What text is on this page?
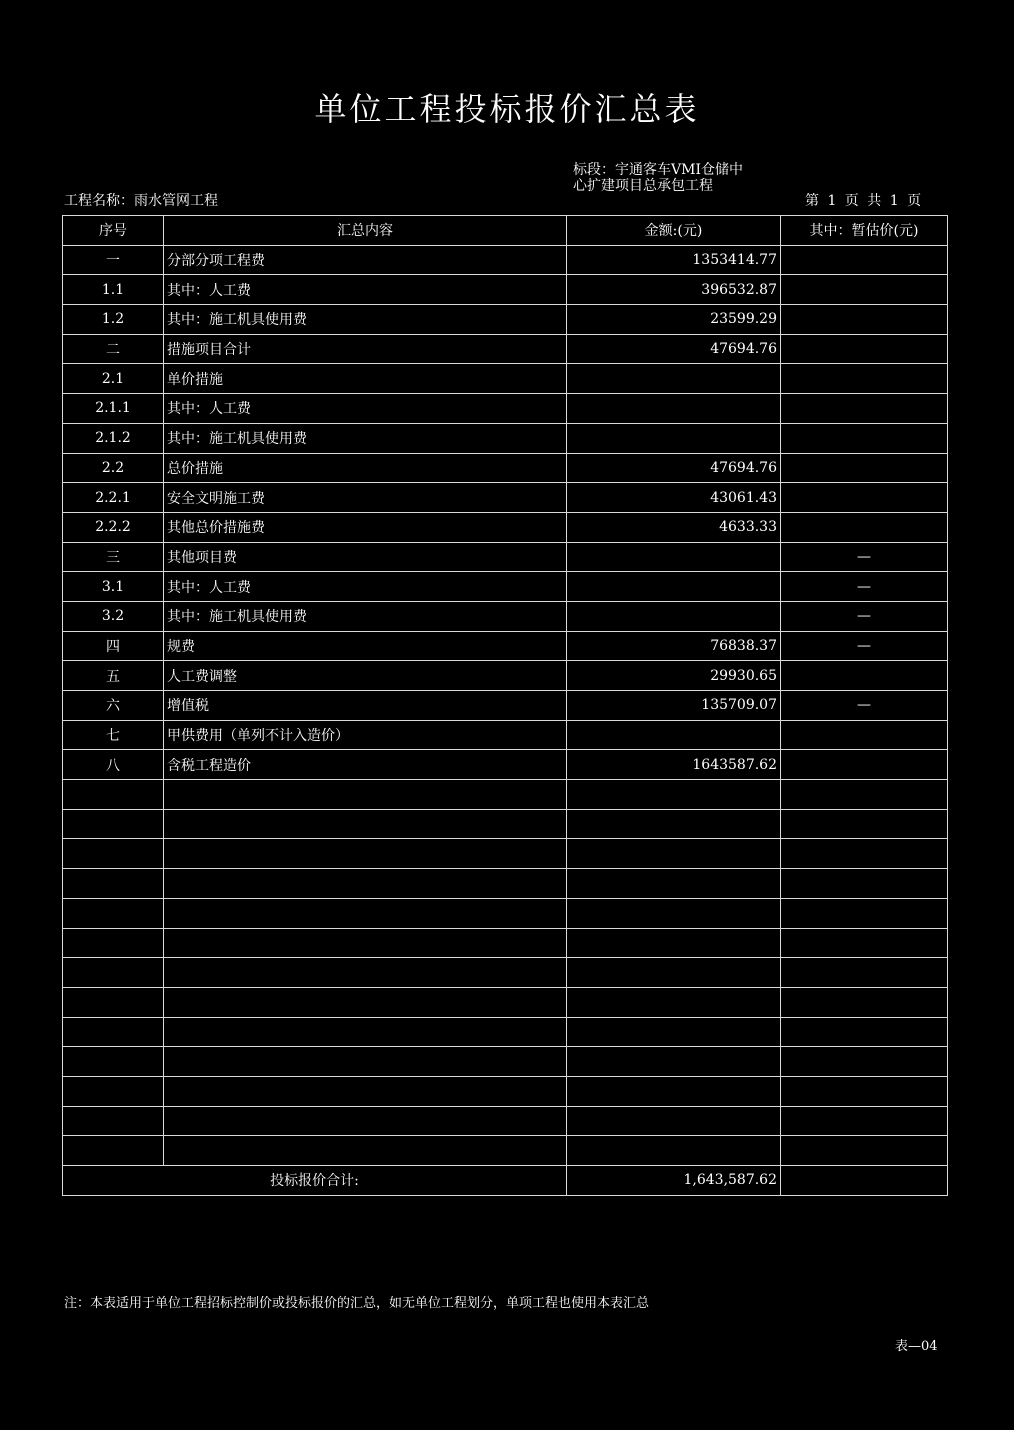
单位工程投标报价汇总表
工程名称：雨水管网工程
标段：宇通客车VMI仓储中心扩建项目总承包工程
第 1 页 共 1 页
序号	汇总内容	金额:(元)	其中：暂估价(元)
一	分部分项工程费	1353414.77	
1.1	其中：人工费	396532.87	
1.2	其中：施工机具使用费	23599.29	
二	措施项目合计	47694.76	
2.1	单价措施		
2.1.1	其中：人工费		
2.1.2	其中：施工机具使用费		
2.2	总价措施	47694.76	
2.2.1	安全文明施工费	43061.43	
2.2.2	其他总价措施费	4633.33	
三	其他项目费		—
3.1	其中：人工费		—
3.2	其中：施工机具使用费		—
四	规费	76838.37	—
五	人工费调整	29930.65	
六	增值税	135709.07	—
七	甲供费用（单列不计入造价）		
八	含税工程造价	1643587.62	

投标报价合计:		1,643,587.62	
注：本表适用于单位工程招标控制价或投标报价的汇总，如无单位工程划分，单项工程也使用本表汇总
表—04
